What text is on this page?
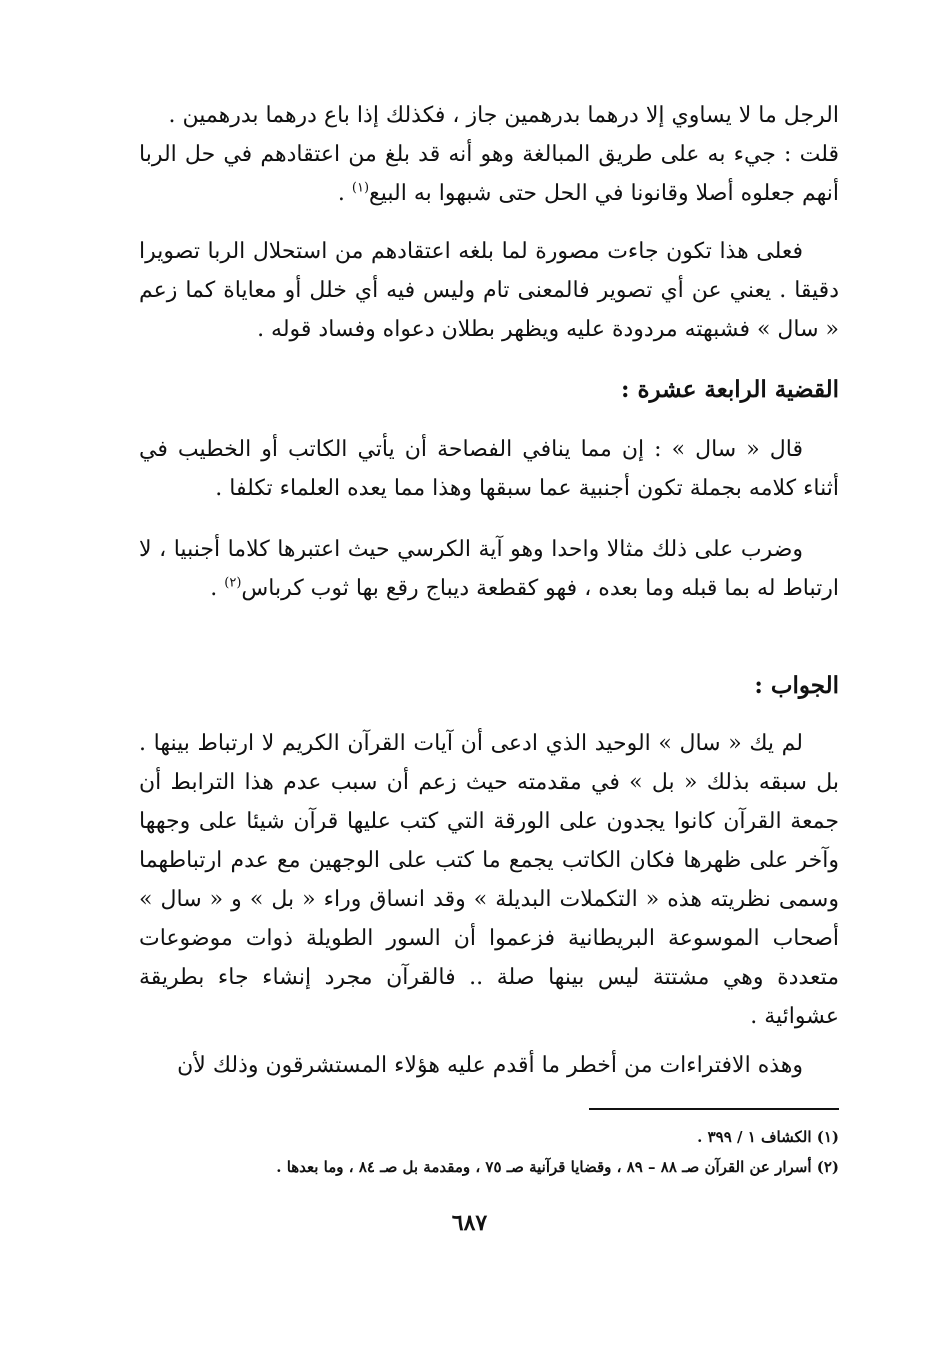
الرجل ما لا يساوي إلا درهما بدرهمين جاز ، فكذلك إذا باع درهما بدرهمين .

قلت : جيء به على طريق المبالغة وهو أنه قد بلغ من اعتقادهم في حل الربا أنهم جعلوه أصلا وقانونا في الحل حتى شبهوا به البيع$^{(١)}$ .

فعلى هذا تكون جاءت مصورة لما بلغه اعتقادهم من استحلال الربا تصويرا دقيقا . يعني عن أي تصوير فالمعنى تام وليس فيه أي خلل أو معاياة كما زعم « سال » فشبهته مردودة عليه ويظهر بطلان دعواه وفساد قوله .

القضية الرابعة عشرة :

قال « سال » : إن مما ينافي الفصاحة أن يأتي الكاتب أو الخطيب في أثناء كلامه بجملة تكون أجنبية عما سبقها وهذا مما يعده العلماء تكلفا .

وضرب على ذلك مثالا واحدا وهو آية الكرسي حيث اعتبرها كلاما أجنبيا ، لا ارتباط له بما قبله وما بعده ، فهو كقطعة ديباج رقع بها ثوب كرباس$^{(٢)}$ .

الجواب :

لم يك « سال » الوحيد الذي ادعى أن آيات القرآن الكريم لا ارتباط بينها . بل سبقه بذلك « بل » في مقدمته حيث زعم أن سبب عدم هذا الترابط أن جمعة القرآن كانوا يجدون على الورقة التي كتب عليها قرآن شيئا على وجهها وآخر على ظهرها فكان الكاتب يجمع ما كتب على الوجهين مع عدم ارتباطهما وسمى نظريته هذه « التكملات البديلة » وقد انساق وراء « بل » و « سال » أصحاب الموسوعة البريطانية فزعموا أن السور الطويلة ذوات موضوعات متعددة وهي مشتتة ليس بينها صلة .. فالقرآن مجرد إنشاء جاء بطريقة عشوائية .

وهذه الافتراءات من أخطر ما أقدم عليه هؤلاء المستشرقون وذلك لأن

(١) الكشاف ١ / ٣٩٩ .

(٢) أسرار عن القرآن صـ ٨٨ – ٨٩ ، وقضايا قرآنية صـ ٧٥ ، ومقدمة بل صـ ٨٤ ، وما بعدها .

٦٨٧
